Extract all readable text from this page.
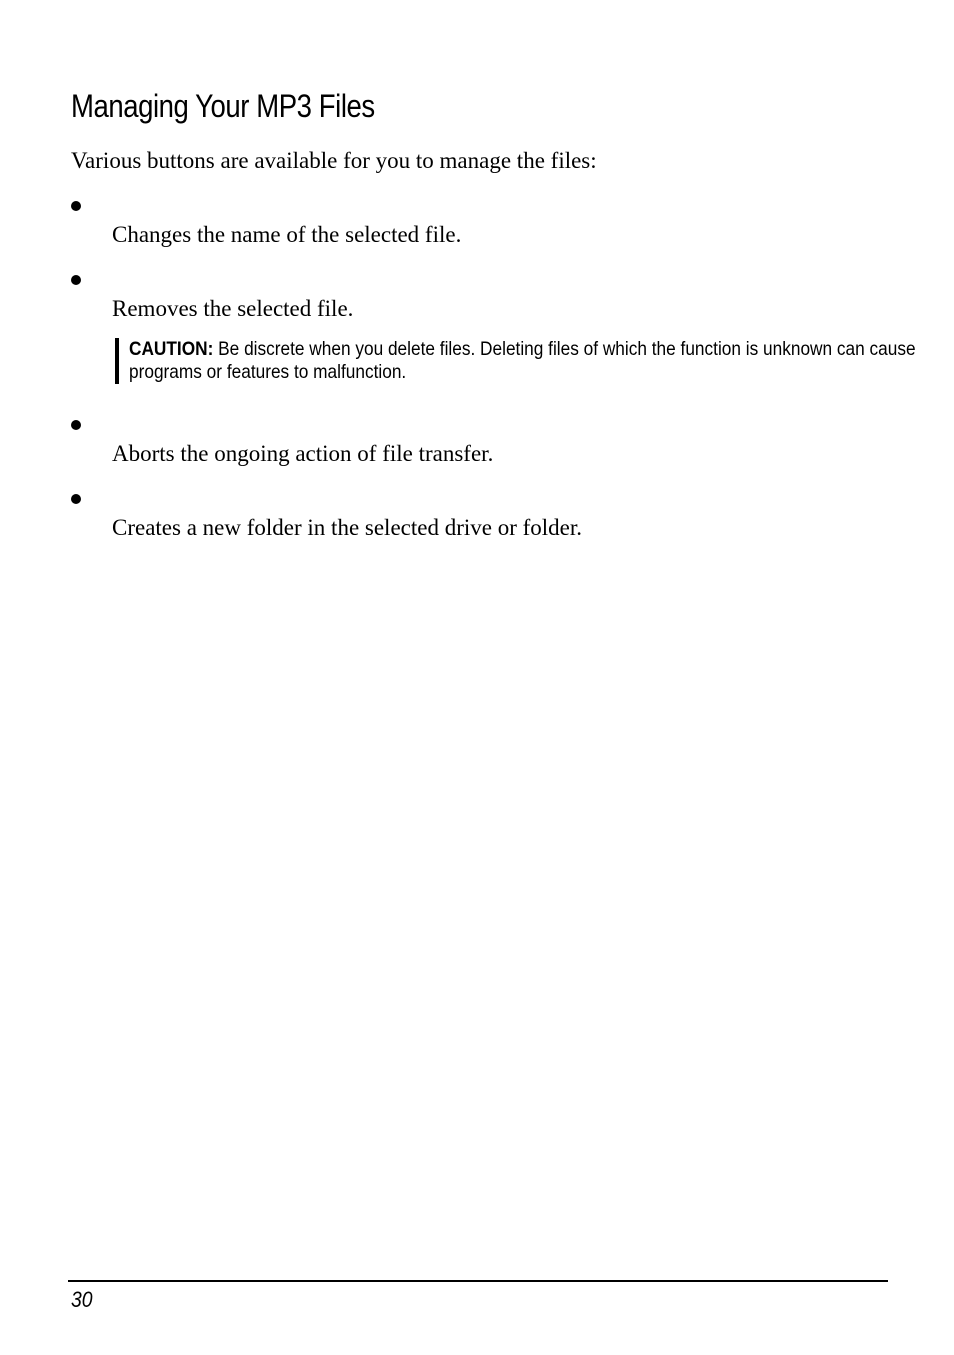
Managing Your MP3 Files

Various buttons are available for you to manage the files:

Changes the name of the selected file.

Removes the selected file.

CAUTION: Be discrete when you delete files. Deleting files of which the function is unknown can cause programs or features to malfunction.

Aborts the ongoing action of file transfer.

Creates a new folder in the selected drive or folder.

30
